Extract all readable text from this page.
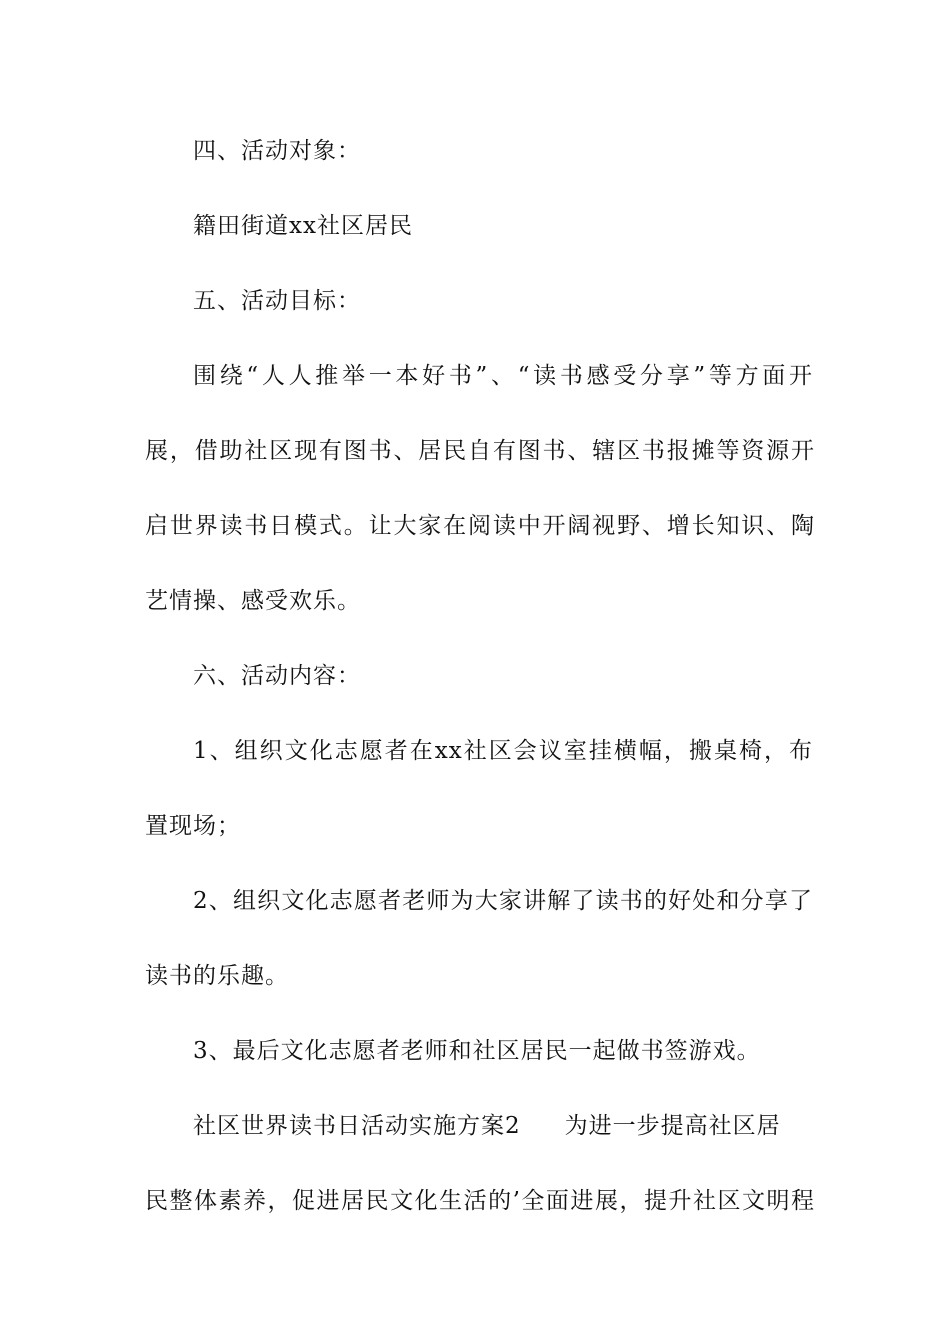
四、活动对象：
籍田街道xx社区居民
五、活动目标：
围绕“人人推举一本好书”、“读书感受分享”等方面开
展，借助社区现有图书、居民自有图书、辖区书报摊等资源开
启世界读书日模式。让大家在阅读中开阔视野、增长知识、陶
艺情操、感受欢乐。
六、活动内容：
1、组织文化志愿者在xx社区会议室挂横幅，搬桌椅，布
置现场；
2、组织文化志愿者老师为大家讲解了读书的好处和分享了
读书的乐趣。
3、最后文化志愿者老师和社区居民一起做书签游戏。
社区世界读书日活动实施方案2 为进一步提高社区居
民整体素养，促进居民文化生活的’全面进展，提升社区文明程
